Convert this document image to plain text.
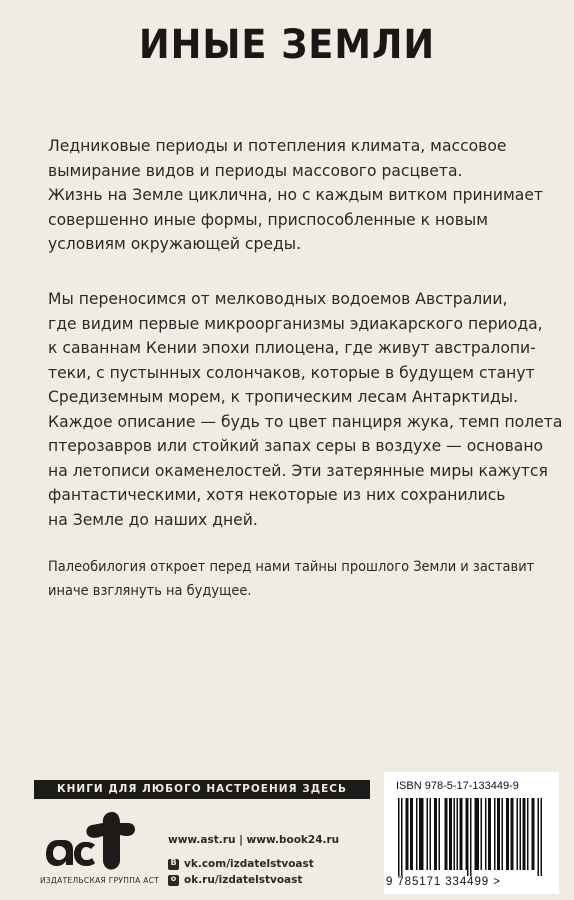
ИНЫЕ ЗЕМЛИ
Ледниковые периоды и потепления климата, массовое
вымирание видов и периоды массового расцвета.
Жизнь на Земле циклична, но с каждым витком принимает
совершенно иные формы, приспособленные к новым
условиям окружающей среды.
Мы переносимся от мелководных водоемов Австралии,
где видим первые микроорганизмы эдиакарского периода,
к саваннам Кении эпохи плиоцена, где живут австралопи-
теки, с пустынных солончаков, которые в будущем станут
Средиземным морем, к тропическим лесам Антарктиды.
Каждое описание — будь то цвет панциря жука, темп полета
птерозавров или стойкий запах серы в воздухе — основано
на летописи окаменелостей. Эти затерянные миры кажутся
фантастическими, хотя некоторые из них сохранились
на Земле до наших дней.
Палеобилогия откроет перед нами тайны прошлого Земли и заставит
иначе взглянуть на будущее.
КНИГИ ДЛЯ ЛЮБОГО НАСТРОЕНИЯ ЗДЕСЬ
ИЗДАТЕЛЬСКАЯ ГРУППА АСТ
www.ast.ru | www.book24.ru
В vk.com/izdatelstvoast
о ok.ru/izdatelstvoast
ISBN 978-5-17-133449-9
9 785171 334499 >
